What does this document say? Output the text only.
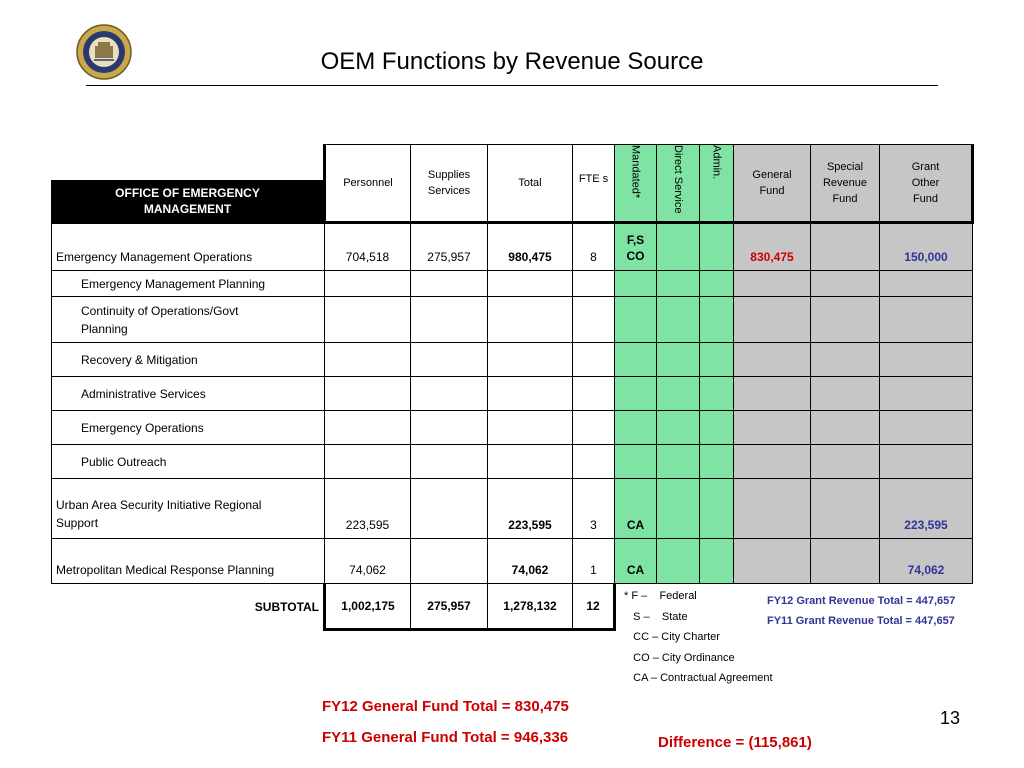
OEM Functions by Revenue Source
	Personnel	Supplies Services	Total	FTE s	Mandated*	Direct Service	Admin.	General Fund	Special Revenue Fund	Grant Other Fund
OFFICE OF EMERGENCY MANAGEMENT										
Emergency Management Operations	704,518	275,957	980,475	8	F,S CO			830,475		150,000
Emergency Management Planning										

Continuity of Operations/Govt Planning										

Recovery & Mitigation										
Administrative Services										
Emergency Operations										
Public Outreach										

Urban Area Security Initiative Regional Support	223,595		223,595	3	CA					223,595

Metropolitan Medical Response Planning	74,062		74,062	1	CA					74,062
SUBTOTAL	1,002,175	275,957	1,278,132	12						
* F –    Federal
S –    State
CC – City Charter
CO – City Ordinance
CA – Contractual Agreement
FY12 Grant Revenue Total = 447,657
FY11 Grant Revenue Total = 447,657
FY12 General Fund Total = 830,475
FY11 General Fund Total = 946,336	Difference = (115,861)
13
